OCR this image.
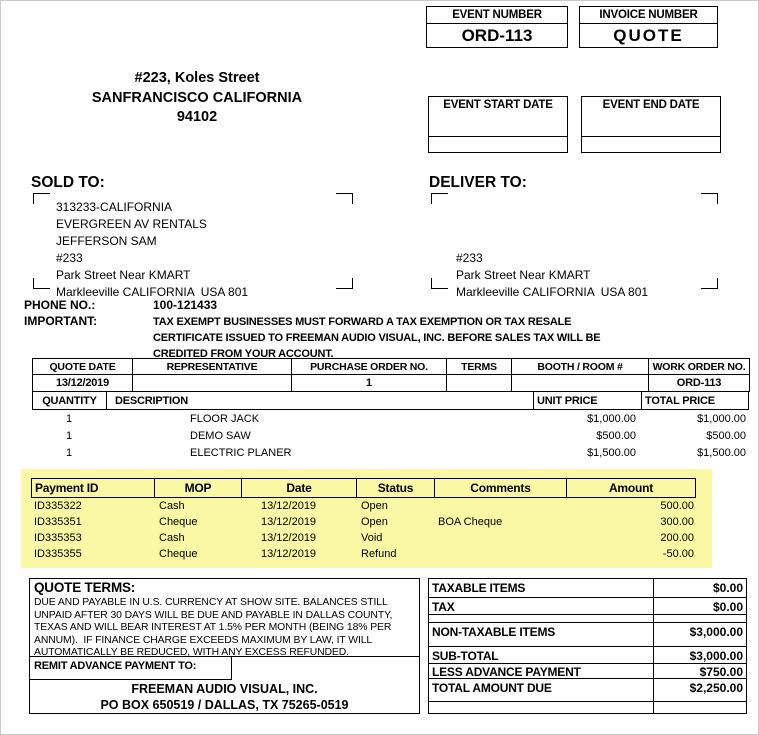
EVENT NUMBER
ORD-113
INVOICE NUMBER
QUOTE
#223, Koles Street
SANFRANCISCO CALIFORNIA
94102
EVENT START DATE	EVENT END DATE
SOLD TO:
313233-CALIFORNIA
EVERGREEN AV RENTALS
JEFFERSON SAM
#233
Park Street Near KMART
Markleeville CALIFORNIA  USA 801
DELIVER TO:
#233
Park Street Near KMART
Markleeville CALIFORNIA  USA 801
PHONE NO.:	100-121433
IMPORTANT:	TAX EXEMPT BUSINESSES MUST FORWARD A TAX EXEMPTION OR TAX RESALE
CERTIFICATE ISSUED TO FREEMAN AUDIO VISUAL, INC. BEFORE SALES TAX WILL BE
CREDITED FROM YOUR ACCOUNT.
QUOTE DATE	REPRESENTATIVE	PURCHASE ORDER NO.	TERMS	BOOTH / ROOM #	WORK ORDER NO.
13/12/2019		1			ORD-113
QUANTITY	DESCRIPTION	UNIT PRICE	TOTAL PRICE
1	FLOOR JACK	$1,000.00	$1,000.00
1	DEMO SAW	$500.00	$500.00
1	ELECTRIC PLANER	$1,500.00	$1,500.00
Payment ID	MOP	Date	Status	Comments	Amount
ID335322	Cash	13/12/2019	Open		500.00
ID335351	Cheque	13/12/2019	Open	BOA Cheque	300.00
ID335353	Cash	13/12/2019	Void		200.00
ID335355	Cheque	13/12/2019	Refund		-50.00
QUOTE TERMS:
DUE AND PAYABLE IN U.S. CURRENCY AT SHOW SITE. BALANCES STILL
UNPAID AFTER 30 DAYS WILL BE DUE AND PAYABLE IN DALLAS COUNTY,
TEXAS AND WILL BEAR INTEREST AT 1.5% PER MONTH (BEING 18% PER
ANNUM).  IF FINANCE CHARGE EXCEEDS MAXIMUM BY LAW, IT WILL
AUTOMATICALLY BE REDUCED, WITH ANY EXCESS REFUNDED.
REMIT ADVANCE PAYMENT TO:
FREEMAN AUDIO VISUAL, INC.
PO BOX 650519 / DALLAS, TX 75265-0519
TAXABLE ITEMS	$0.00
TAX	$0.00
NON-TAXABLE ITEMS	$3,000.00
SUB-TOTAL	$3,000.00
LESS ADVANCE PAYMENT	$750.00
TOTAL AMOUNT DUE	$2,250.00
